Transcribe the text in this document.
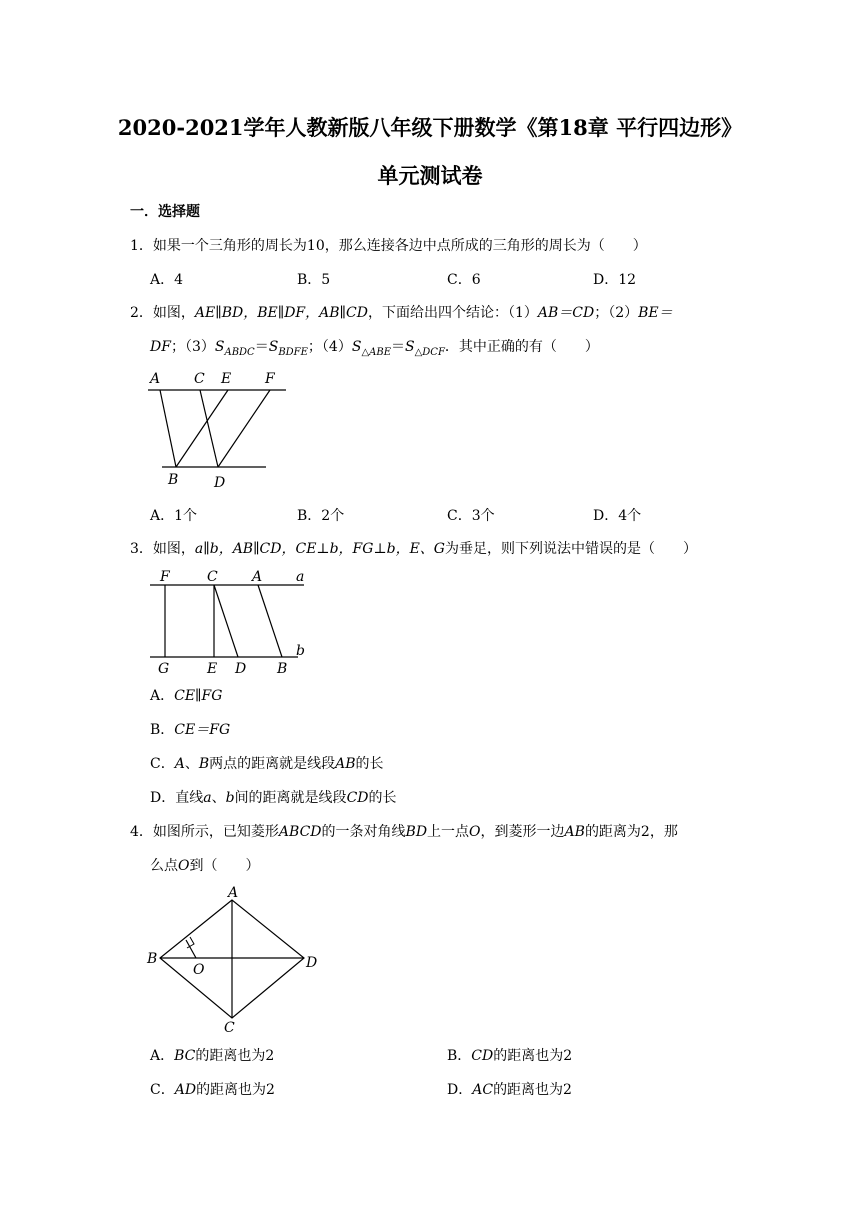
2020-2021学年人教新版八年级下册数学《第18章 平行四边形》
单元测试卷
一．选择题
1．如果一个三角形的周长为10，那么连接各边中点所成的三角形的周长为（　　）
A．4	B．5	C．6	D．12
2．如图，AE∥BD，BE∥DF，AB∥CD，下面给出四个结论：（1）AB＝CD；（2）BE＝
DF；$(3)S_{ABDC}=S_{BDFE}$；$(4)S_{\triangle ABE}=S_{\triangle DCF}$．其中正确的有（　　）
A C E F
B	D
A．1个	B．2个	C．3个	D．4个
3．如图，a∥b，AB∥CD，CE⊥b，FG⊥b，E、G为垂足，则下列说法中错误的是（　　）
F	C A a
G	E D B
b
A．CE∥FG
B．CE＝FG
C．A、B两点的距离就是线段AB的长
D．直线a、b间的距离就是线段CD的长
4．如图所示，已知菱形ABCD的一条对角线BD上一点O，到菱形一边AB的距离为2，那
么点O到（　　）
A
B
O	D
C
A．BC的距离也为2	B．CD的距离也为2
C．AD的距离也为2	D．AC的距离也为2
